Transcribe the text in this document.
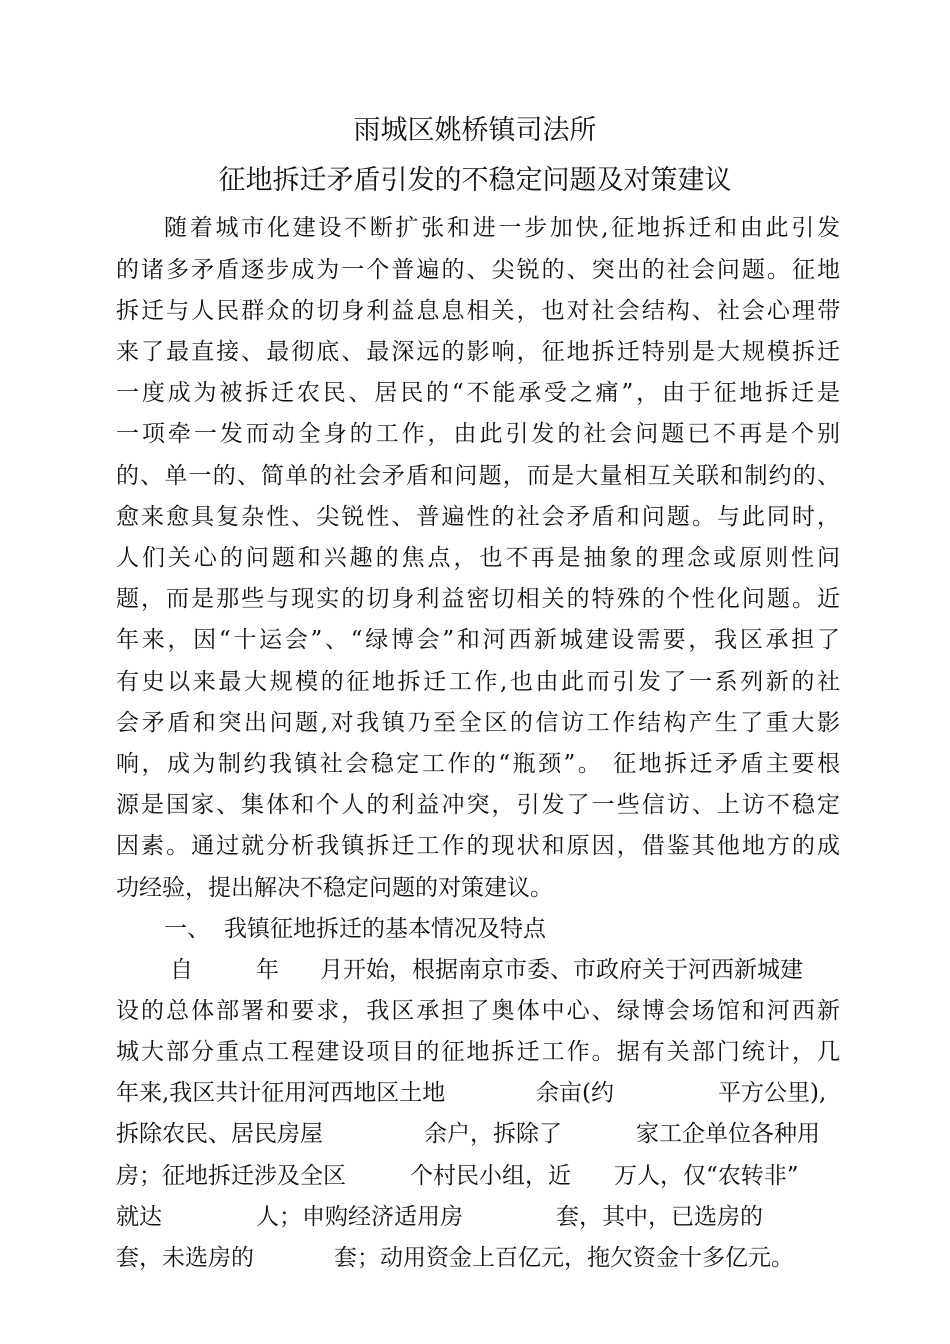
雨城区姚桥镇司法所
征地拆迁矛盾引发的不稳定问题及对策建议
随着城市化建设不断扩张和进一步加快,征地拆迁和由此引发
的诸多矛盾逐步成为一个普遍的、尖锐的、突出的社会问题。征地
拆迁与人民群众的切身利益息息相关，也对社会结构、社会心理带
来了最直接、最彻底、最深远的影响，征地拆迁特别是大规模拆迁
一度成为被拆迁农民、居民的“不能承受之痛”，由于征地拆迁是
一项牵一发而动全身的工作，由此引发的社会问题已不再是个别
的、单一的、简单的社会矛盾和问题，而是大量相互关联和制约的、
愈来愈具复杂性、尖锐性、普遍性的社会矛盾和问题。与此同时，
人们关心的问题和兴趣的焦点，也不再是抽象的理念或原则性问
题，而是那些与现实的切身利益密切相关的特殊的个性化问题。近
年来，因“十运会”、“绿博会”和河西新城建设需要，我区承担了
有史以来最大规模的征地拆迁工作,也由此而引发了一系列新的社
会矛盾和突出问题,对我镇乃至全区的信访工作结构产生了重大影
响，成为制约我镇社会稳定工作的“瓶颈”。 征地拆迁矛盾主要根
源是国家、集体和个人的利益冲突，引发了一些信访、上访不稳定
因素。通过就分析我镇拆迁工作的现状和原因，借鉴其他地方的成
功经验，提出解决不稳定问题的对策建议。
一、 我镇征地拆迁的基本情况及特点
自	年 月开始，根据南京市委、市政府关于河西新城建
设的总体部署和要求，我区承担了奥体中心、绿博会场馆和河西新
城大部分重点工程建设项目的征地拆迁工作。据有关部门统计，几
年来,我区共计征用河西地区土地	余亩(约	平方公里),
拆除农民、居民房屋	余户，拆除了	家工企单位各种用
房；征地拆迁涉及全区	个村民小组，近 万人，仅“农转非”
就达	人；申购经济适用房	套，其中，已选房的
套，未选房的	套；动用资金上百亿元，拖欠资金十多亿元。
